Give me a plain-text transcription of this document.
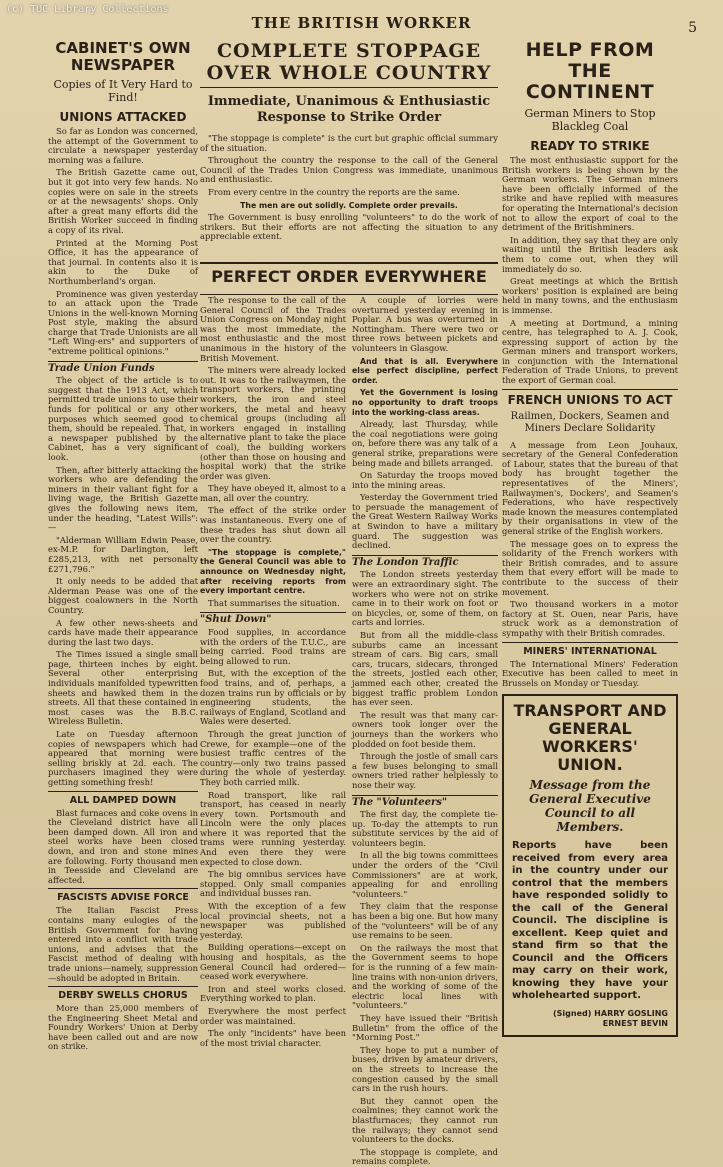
(c) TUC Library Collections
THE BRITISH WORKER	5
CABINET'S OWN NEWSPAPER
Copies of It Very Hard to Find!
UNIONS ATTACKED

So far as London was concerned, the attempt of the Government to circulate a newspaper yesterday morning was a failure.

The British Gazette came out, but it got into very few hands. No copies were on sale in the streets or at the newsagents' shops. Only after a great many efforts did the British Worker succeed in finding a copy of its rival.

Printed at the Morning Post Office, it has the appearance of that journal. In contents also it is akin to the Duke of Northumberland's organ.

Prominence was given yesterday to an attack upon the Trade Unions in the well-known Morning Post style, making the absurd charge that Trade Unionists are all "Left Wing-ers" and supporters of "extreme political opinions."

Trade Union Funds

The object of the article is to suggest that the 1913 Act, which permitted trade unions to use their funds for political or any other purposes which seemed good to them, should be repealed. That, in a newspaper published by the Cabinet, has a very significant look.

Then, after bitterly attacking the workers who are defending the miners in their valiant fight for a living wage, the British Gazette gives the following news item, under the heading, "Latest Wills":—

"Alderman William Edwin Pease, ex-M.P. for Darlington, left £285,213, with net personalty £271,796."

It only needs to be added that Alderman Pease was one of the biggest coalowners in the North Country.

A few other news-sheets and cards have made their appearance during the last two days.

The Times issued a single small page, thirteen inches by eight. Several other enterprising individuals manifolded typewritten sheets and hawked them in the streets. All that these contained in most cases was the B.B.C. Wireless Bulletin.

Late on Tuesday afternoon copies of newspapers which had appeared that morning were selling briskly at 2d. each. The purchasers imagined they were getting something fresh!

ALL DAMPED DOWN

Blast furnaces and coke ovens in the Cleveland district have all been damped down. All iron and steel works have been closed down, and iron and stone mines are following. Forty thousand men in Teesside and Cleveland are affected.

FASCISTS ADVISE FORCE

The Italian Fascist Press contains many eulogies of the British Government for having entered into a conflict with trade unions, and advises that the Fascist method of dealing with trade unions—namely, suppression—should be adopted in Britain.

DERBY SWELLS CHORUS

More than 25,000 members of the Engineering Sheet Metal and Foundry Workers' Union at Derby have been called out and are now on strike.

COMPLETE STOPPAGE OVER WHOLE COUNTRY
Immediate, Unanimous & Enthusiastic Response to Strike Order

"The stoppage is complete" is the curt but graphic official summary of the situation.

Throughout the country the response to the call of the General Council of the Trades Union Congress was immediate, unanimous and enthusiastic.

From every centre in the country the reports are the same.

The men are out solidly. Complete order prevails.

The Government is busy enrolling "volunteers" to do the work of strikers. But their efforts are not affecting the situation to any appreciable extent.

PERFECT ORDER EVERYWHERE

The response to the call of the General Council of the Trades Union Congress on Monday night was the most immediate, the most enthusiastic and the most unanimous in the history of the British Movement.

The miners were already locked out. It was to the railwaymen, the transport workers, the printing workers, the iron and steel workers, the metal and heavy chemical groups (including all workers engaged in installing alternative plant to take the place of coal), the building workers (other than those on housing and hospital work) that the strike order was given.

They have obeyed it, almost to a man, all over the country.

The effect of the strike order was instantaneous. Every one of these trades has shut down all over the country.

"The stoppage is complete," the General Council was able to announce on Wednesday night, after receiving reports from every important centre.

That summarises the situation.

"Shut Down"

Food supplies, in accordance with the orders of the T.U.C., are being carried. Food trains are being allowed to run.

But, with the exception of the food trains, and of, perhaps, a dozen trains run by officials or by engineering students, the railways of England, Scotland and Wales were deserted.

Through the great junction of Crewe, for example—one of the busiest traffic centres of the country—only two trains passed during the whole of yesterday. They both carried milk.

Road transport, like rail transport, has ceased in nearly every town. Portsmouth and Lincoln were the only places where it was reported that the trams were running yesterday. And even there they were expected to close down.

The big omnibus services have stopped. Only small companies and individual busses ran.

With the exception of a few local provincial sheets, not a newspaper was published yesterday.

Building operations—except on housing and hospitals, as the General Council had ordered—ceased work everywhere.

Iron and steel works closed. Everything worked to plan.

Everywhere the most perfect order was maintained.

The only "incidents" have been of the most trivial character.

A couple of lorries were overturned yesterday evening in Poplar. A bus was overturned in Nottingham. There were two or three rows between pickets and volunteers in Glasgow.

And that is all. Everywhere else perfect discipline, perfect order.

Yet the Government is losing no opportunity to draft troops into the working-class areas.

Already, last Thursday, while the coal negotiations were going on, before there was any talk of a general strike, preparations were being made and billets arranged.

On Saturday the troops moved into the mining areas.

Yesterday the Government tried to persuade the management of the Great Western Railway Works at Swindon to have a military guard. The suggestion was declined.

The London Traffic

The London streets yesterday were an extraordinary sight. The workers who were not on strike came in to their work on foot or on bicycles, or, some of them, on carts and lorries.

But from all the middle-class suburbs came an incessant stream of cars. Big cars, small cars, trucars, sidecars, thronged the streets, jostled each other, jammed each other, created the biggest traffic problem London has ever seen.

The result was that many car-owners took longer over the journeys than the workers who plodded on foot beside them.

Through the jostle of small cars a few buses belonging to small owners tried rather helplessly to nose their way.

The "Volunteers"

The first day, the complete tie-up. To-day the attempts to run substitute services by the aid of volunteers begin.

In all the big towns committees under the orders of the "Civil Commissioners" are at work, appealing for and enrolling "volunteers."

They claim that the response has been a big one. But how many of the "volunteers" will be of any use remains to be seen.

On the railways the most that the Government seems to hope for is the running of a few main-line trains with non-union drivers, and the working of some of the electric local lines with "volunteers."

They have issued their "British Bulletin" from the office of the "Morning Post."

They hope to put a number of buses, driven by amateur drivers, on the streets to increase the congestion caused by the small cars in the rush hours.

But they cannot open the coalmines; they cannot work the blastfurnaces; they cannot run the railways; they cannot send volunteers to the docks.

The stoppage is complete, and remains complete.

HELP FROM THE CONTINENT
German Miners to Stop Blackleg Coal
READY TO STRIKE

The most enthusiastic support for the British workers is being shown by the German workers. The German miners have been officially informed of the strike and have replied with measures for operating the International's decision not to allow the export of coal to the detriment of the Britishminers.

In addition, they say that they are only waiting until the British leaders ask them to come out, when they will immediately do so.

Great meetings at which the British workers' position is explained are being held in many towns, and the enthusiasm is immense.

A meeting at Dortmund, a mining centre, has telegraphed to A. J. Cook, expressing support of action by the German miners and transport workers, in conjunction with the International Federation of Trade Unions, to prevent the export of German coal.

FRENCH UNIONS TO ACT
Railmen, Dockers, Seamen and Miners Declare Solidarity

A message from Leon Jouhaux, secretary of the General Confederation of Labour, states that the bureau of that body has brought together the representatives of the Miners', Railwaymen's, Dockers', and Seamen's Federations, who have respectively made known the measures contemplated by their organisations in view of the general strike of the English workers.

The message goes on to express the solidarity of the French workers with their British comrades, and to assure them that every effort will be made to contribute to the success of their movement.

Two thousand workers in a motor factory at St. Ouen, near Paris, have struck work as a demonstration of sympathy with their British comrades.

MINERS' INTERNATIONAL

The International Miners' Federation Executive has been called to meet in Brussels on Monday or Tuesday.

TRANSPORT AND GENERAL WORKERS' UNION.
Message from the General Executive Council to all Members.
Reports have been received from every area in the country under our control that the members have responded solidly to the call of the General Council. The discipline is excellent. Keep quiet and stand firm so that the Council and the Officers may carry on their work, knowing they have your wholehearted support.
(Signed) HARRY GOSLING
ERNEST BEVIN
